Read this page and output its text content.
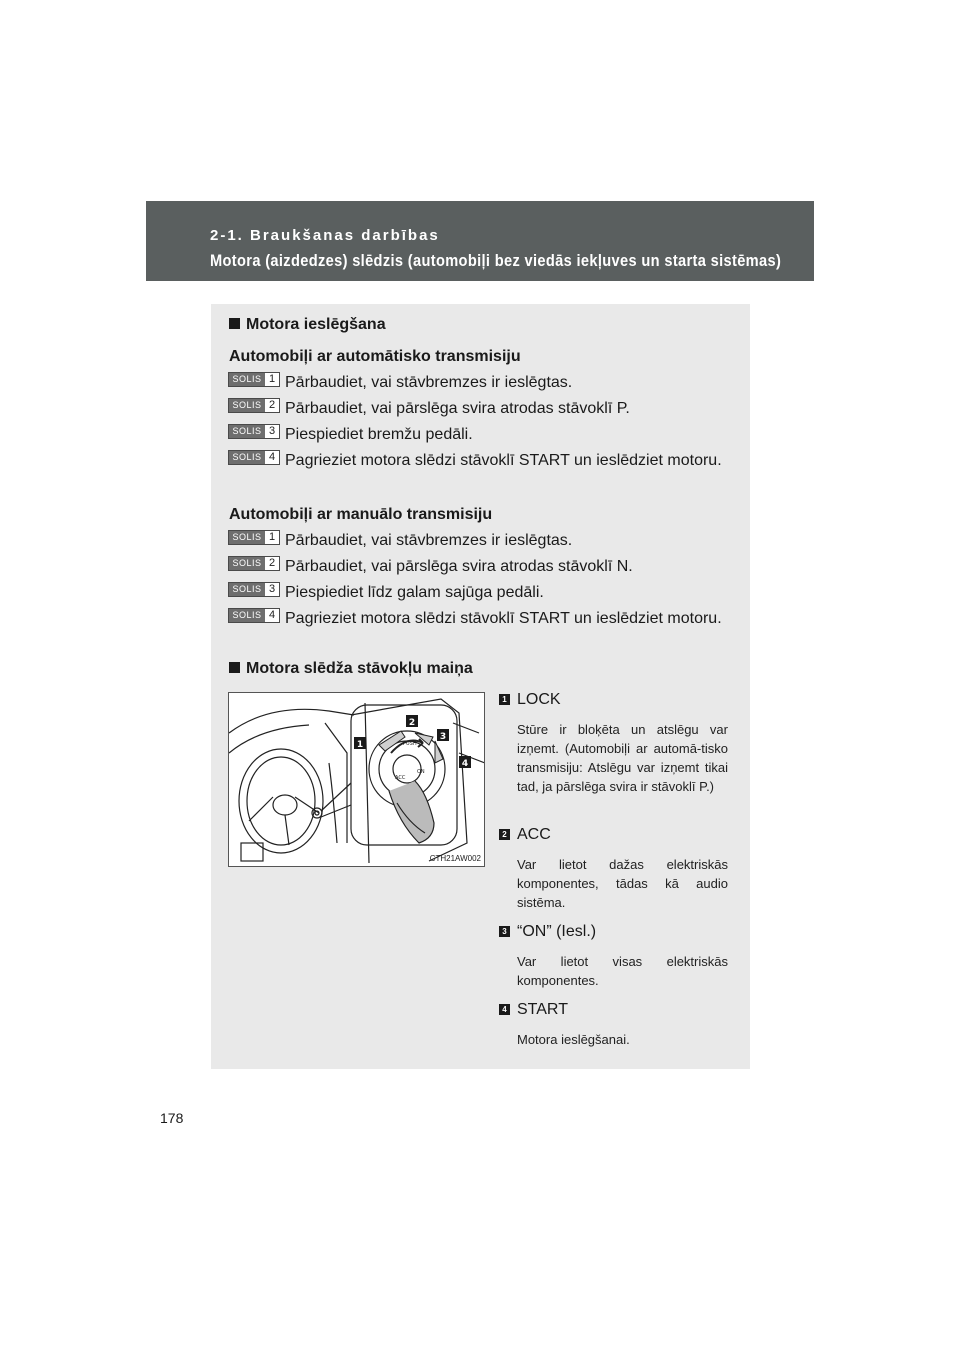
2-1. Braukšanas darbības
Motora (aizdedzes) slēdzis (automobiļi bez viedās iekļuves un starta sistēmas)
Motora ieslēgšana
Automobiļi ar automātisko transmisiju
SOLIS 1 Pārbaudiet, vai stāvbremzes ir ieslēgtas.
SOLIS 2 Pārbaudiet, vai pārslēga svira atrodas stāvoklī P.
SOLIS 3 Piespiediet bremžu pedāli.
SOLIS 4 Pagrieziet motora slēdzi stāvoklī START un ieslēdziet motoru.
Automobiļi ar manuālo transmisiju
SOLIS 1 Pārbaudiet, vai stāvbremzes ir ieslēgtas.
SOLIS 2 Pārbaudiet, vai pārslēga svira atrodas stāvoklī N.
SOLIS 3 Piespiediet līdz galam sajūga pedāli.
SOLIS 4 Pagrieziet motora slēdzi stāvoklī START un ieslēdziet motoru.
Motora slēdža stāvokļu maiņa
PUSH
ACC
ON
1
2
3
4
CTH21AW002
1 LOCK
Stūre ir bloķēta un atslēgu var izņemt. (Automobiļi ar automā-tisko transmisiju: Atslēgu var izņemt tikai tad, ja pārslēga svira ir stāvoklī P.)
2 ACC
Var lietot dažas elektriskās komponentes, tādas kā audio sistēma.
3 “ON” (Iesl.)
Var lietot visas elektriskās komponentes.
4 START
Motora ieslēgšanai.
178
